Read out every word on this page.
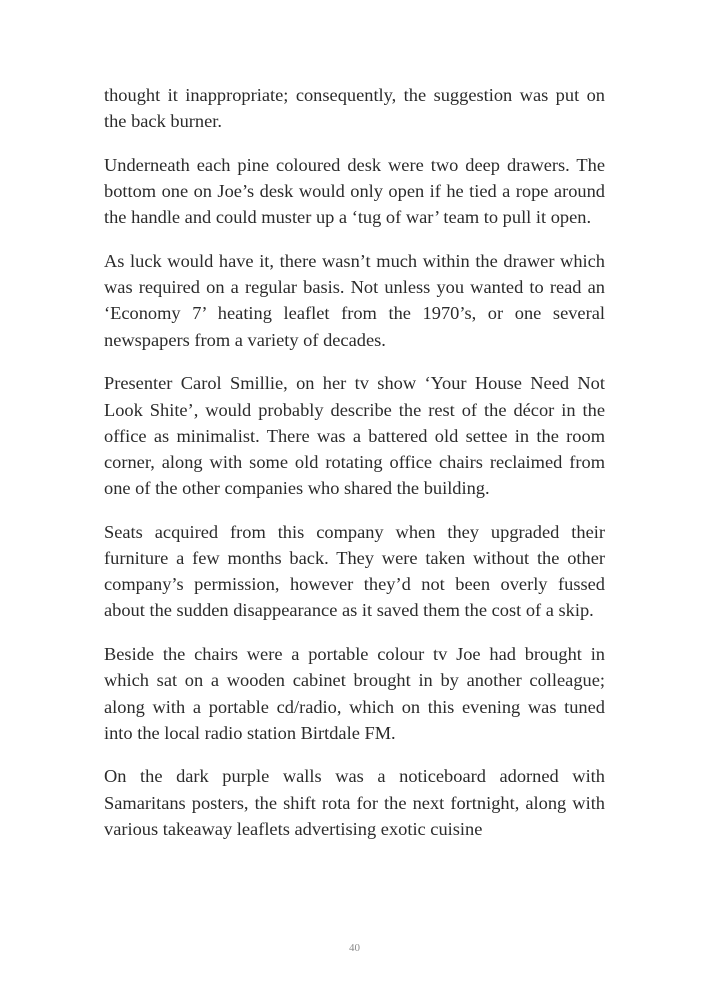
thought it inappropriate; consequently, the suggestion was put on the back burner.

Underneath each pine coloured desk were two deep drawers. The bottom one on Joe’s desk would only open if he tied a rope around the handle and could muster up a ‘tug of war’ team to pull it open.

As luck would have it, there wasn’t much within the drawer which was required on a regular basis. Not unless you wanted to read an ‘Economy 7’ heating leaflet from the 1970’s, or one several newspapers from a variety of decades.

Presenter Carol Smillie, on her tv show ‘Your House Need Not Look Shite’, would probably describe the rest of the décor in the office as minimalist. There was a battered old settee in the room corner, along with some old rotating office chairs reclaimed from one of the other companies who shared the building.

Seats acquired from this company when they upgraded their furniture a few months back. They were taken without the other company’s permission, however they’d not been overly fussed about the sudden disappearance as it saved them the cost of a skip.

Beside the chairs were a portable colour tv Joe had brought in which sat on a wooden cabinet brought in by another colleague; along with a portable cd/radio, which on this evening was tuned into the local radio station Birtdale FM.

On the dark purple walls was a noticeboard adorned with Samaritans posters, the shift rota for the next fortnight, along with various takeaway leaflets advertising exotic cuisine

40
